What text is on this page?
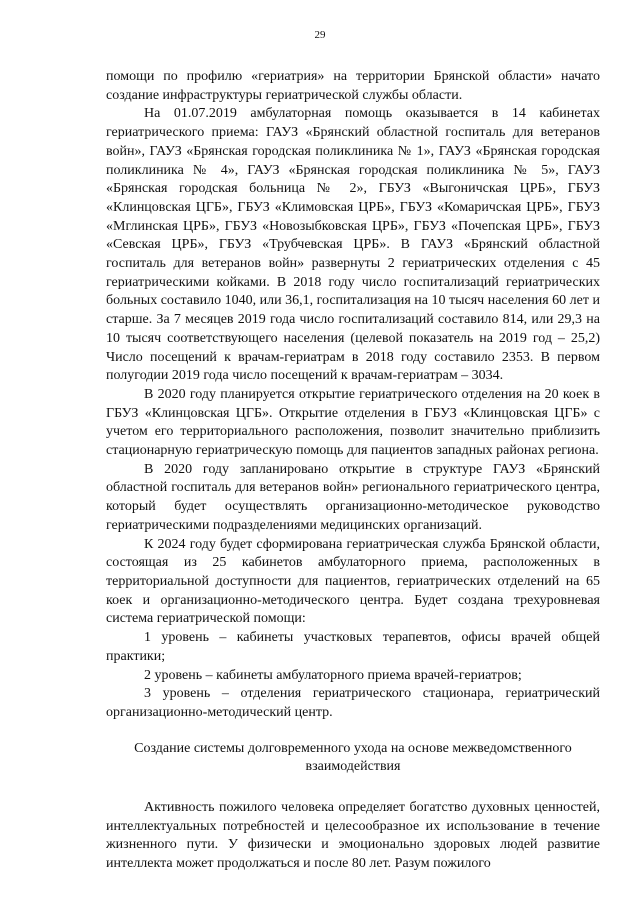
29

помощи по профилю «гериатрия» на территории Брянской области» начато создание инфраструктуры гериатрической службы области.

На 01.07.2019 амбулаторная помощь оказывается в 14 кабинетах гериатрического приема: ГАУЗ «Брянский областной госпиталь для ветеранов войн», ГАУЗ «Брянская городская поликлиника № 1», ГАУЗ «Брянская городская поликлиника № 4», ГАУЗ «Брянская городская поликлиника № 5», ГАУЗ «Брянская городская больница № 2», ГБУЗ «Выгоничская ЦРБ», ГБУЗ «Клинцовская ЦГБ», ГБУЗ «Климовская ЦРБ», ГБУЗ «Комаричская ЦРБ», ГБУЗ «Мглинская ЦРБ», ГБУЗ «Новозыбковская ЦРБ», ГБУЗ «Почепская ЦРБ», ГБУЗ «Севская ЦРБ», ГБУЗ «Трубчевская ЦРБ». В ГАУЗ «Брянский областной госпиталь для ветеранов войн» развернуты 2 гериатрических отделения с 45 гериатрическими койками. В 2018 году число госпитализаций гериатрических больных составило 1040, или 36,1, госпитализация на 10 тысяч населения 60 лет и старше. За 7 месяцев 2019 года число госпитализаций составило 814, или 29,3 на 10 тысяч соответствующего населения (целевой показатель на 2019 год – 25,2) Число посещений к врачам-гериатрам в 2018 году составило 2353. В первом полугодии 2019 года число посещений к врачам-гериатрам – 3034.

В 2020 году планируется открытие гериатрического отделения на 20 коек в ГБУЗ «Клинцовская ЦГБ». Открытие отделения в ГБУЗ «Клинцовская ЦГБ» с учетом его территориального расположения, позволит значительно приблизить стационарную гериатрическую помощь для пациентов западных районах региона.

В 2020 году запланировано открытие в структуре ГАУЗ «Брянский областной госпиталь для ветеранов войн» регионального гериатрического центра, который будет осуществлять организационно-методическое руководство гериатрическими подразделениями медицинских организаций.

К 2024 году будет сформирована гериатрическая служба Брянской области, состоящая из 25 кабинетов амбулаторного приема, расположенных в территориальной доступности для пациентов, гериатрических отделений на 65 коек и организационно-методического центра. Будет создана трехуровневая система гериатрической помощи:

1 уровень – кабинеты участковых терапевтов, офисы врачей общей практики;

2 уровень – кабинеты амбулаторного приема врачей-гериатров;

3 уровень – отделения гериатрического стационара, гериатрический организационно-методический центр.

Создание системы долговременного ухода на основе межведомственного взаимодействия

Активность пожилого человека определяет богатство духовных ценностей, интеллектуальных потребностей и целесообразное их использование в течение жизненного пути. У физически и эмоционально здоровых людей развитие интеллекта может продолжаться и после 80 лет. Разум пожилого
